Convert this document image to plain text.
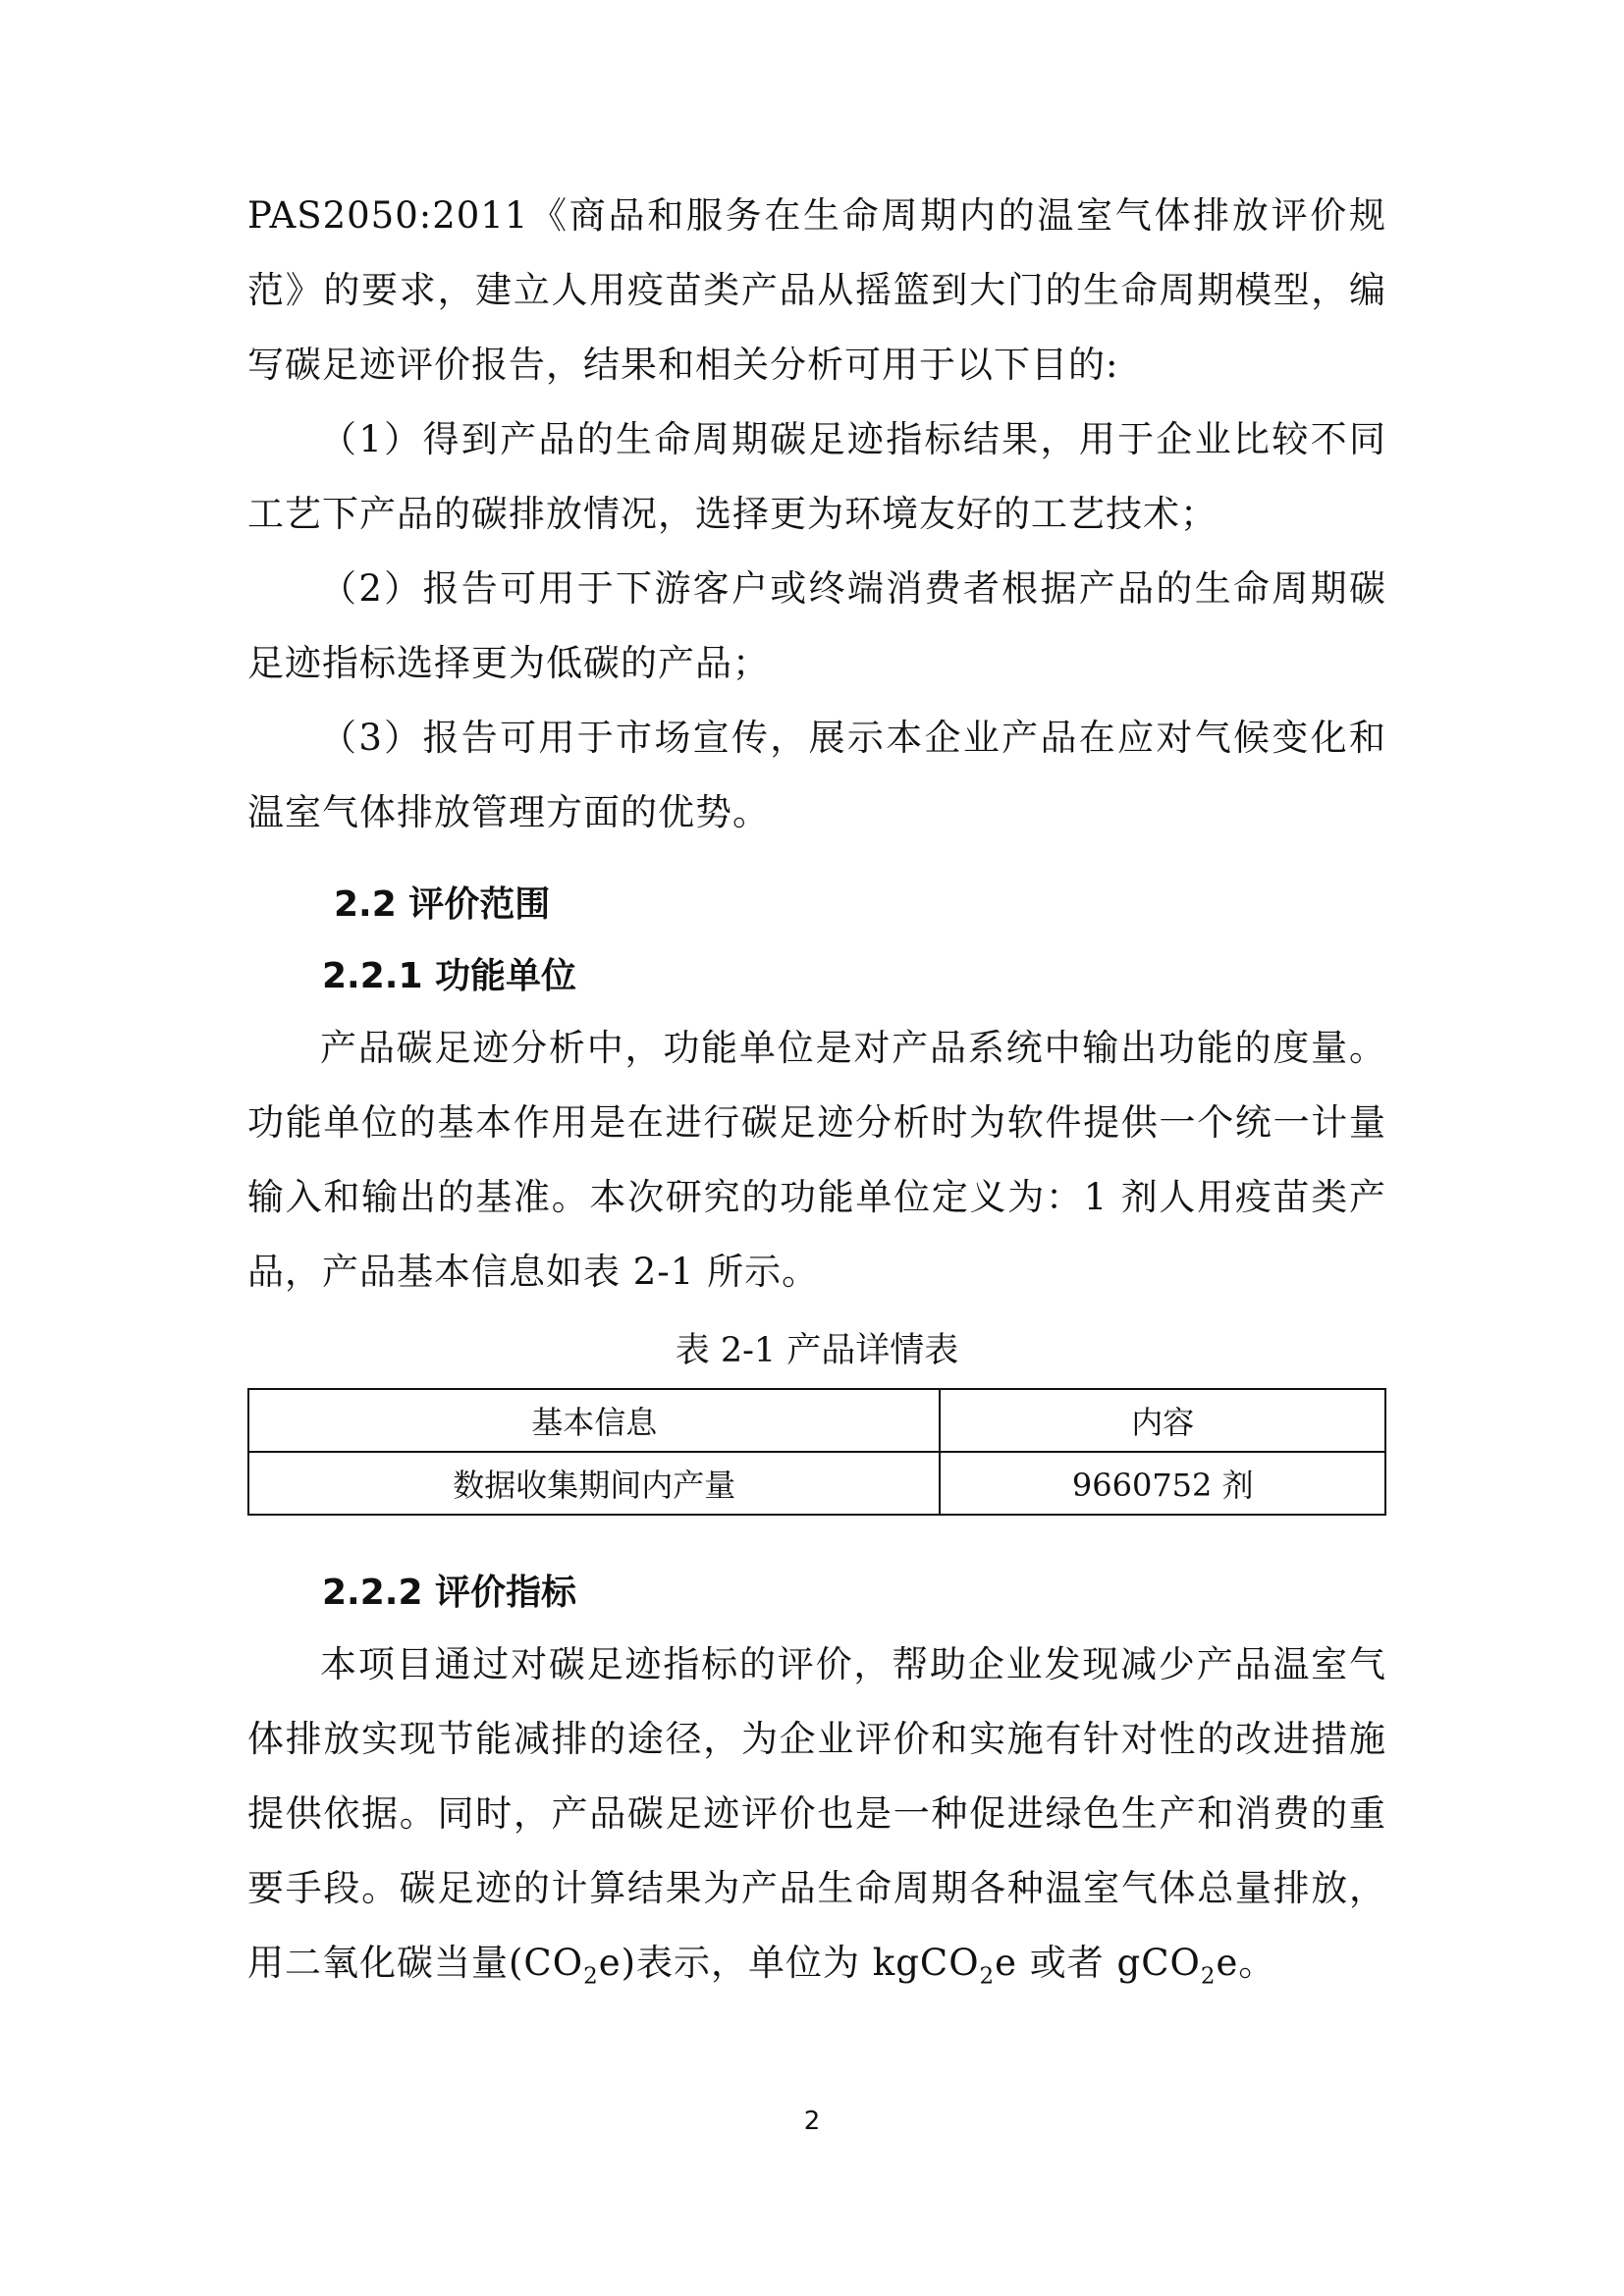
PAS2050:2011《商品和服务在生命周期内的温室气体排放评价规范》的要求，建立人用疫苗类产品从摇篮到大门的生命周期模型，编写碳足迹评价报告，结果和相关分析可用于以下目的:

（1）得到产品的生命周期碳足迹指标结果，用于企业比较不同工艺下产品的碳排放情况，选择更为环境友好的工艺技术；

（2）报告可用于下游客户或终端消费者根据产品的生命周期碳足迹指标选择更为低碳的产品；

（3）报告可用于市场宣传，展示本企业产品在应对气候变化和温室气体排放管理方面的优势。

2.2 评价范围
2.2.1 功能单位

产品碳足迹分析中，功能单位是对产品系统中输出功能的度量。功能单位的基本作用是在进行碳足迹分析时为软件提供一个统一计量输入和输出的基准。本次研究的功能单位定义为：1 剂人用疫苗类产品，产品基本信息如表 2-1 所示。

表 2-1 产品详情表
基本信息	内容
数据收集期间内产量	9660752 剂
2.2.2 评价指标

本项目通过对碳足迹指标的评价，帮助企业发现减少产品温室气体排放实现节能减排的途径，为企业评价和实施有针对性的改进措施提供依据。同时，产品碳足迹评价也是一种促进绿色生产和消费的重要手段。碳足迹的计算结果为产品生命周期各种温室气体总量排放，用二氧化碳当量$(CO_2e)$表示，单位为 kgCO$_2$e 或者 gCO$_2$e。

2
